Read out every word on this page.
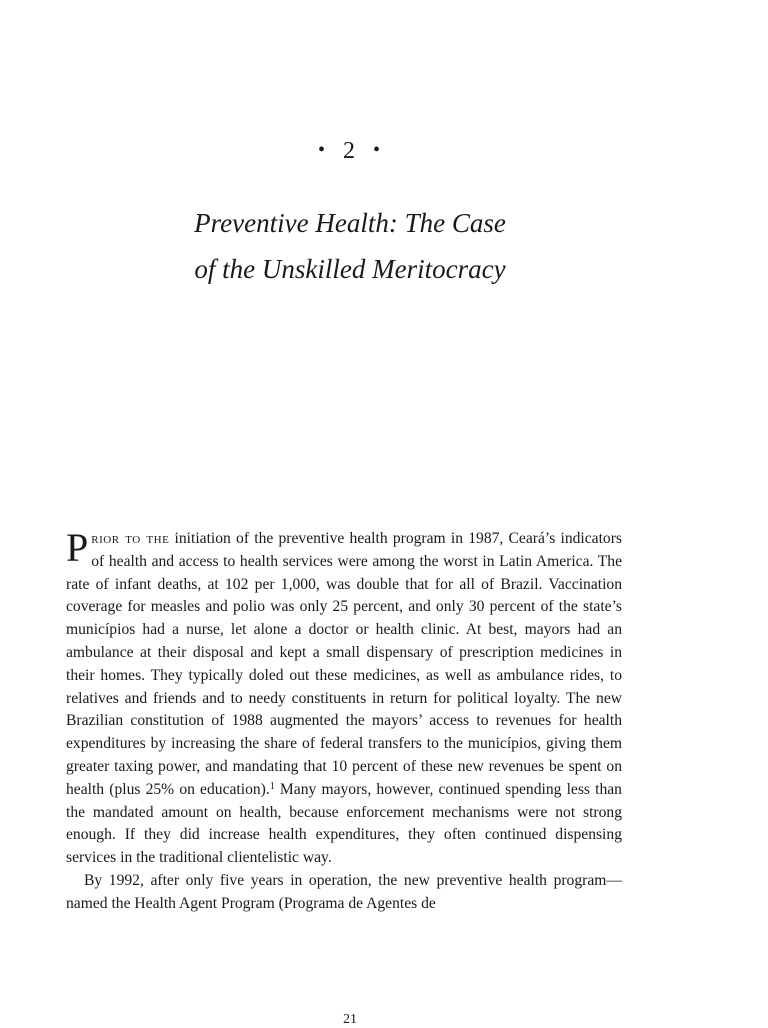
• 2 •
Preventive Health: The Case
of the Unskilled Meritocracy

Prior to the initiation of the preventive health program in 1987, Ceará’s indicators of health and access to health services were among the worst in Latin America. The rate of infant deaths, at 102 per 1,000, was double that for all of Brazil. Vaccination coverage for measles and polio was only 25 percent, and only 30 percent of the state’s municípios had a nurse, let alone a doctor or health clinic. At best, mayors had an ambulance at their disposal and kept a small dispensary of prescription medicines in their homes. They typically doled out these medicines, as well as ambulance rides, to relatives and friends and to needy constituents in return for political loyalty. The new Brazilian constitution of 1988 augmented the mayors’ access to revenues for health expenditures by increasing the share of federal transfers to the municípios, giving them greater taxing power, and mandating that 10 percent of these new revenues be spent on health (plus 25% on education).$^1$ Many mayors, however, continued spending less than the mandated amount on health, because enforcement mechanisms were not strong enough. If they did increase health expenditures, they often continued dispensing services in the traditional clientelistic way.

By 1992, after only five years in operation, the new preventive health program—named the Health Agent Program (Programa de Agentes de

21
